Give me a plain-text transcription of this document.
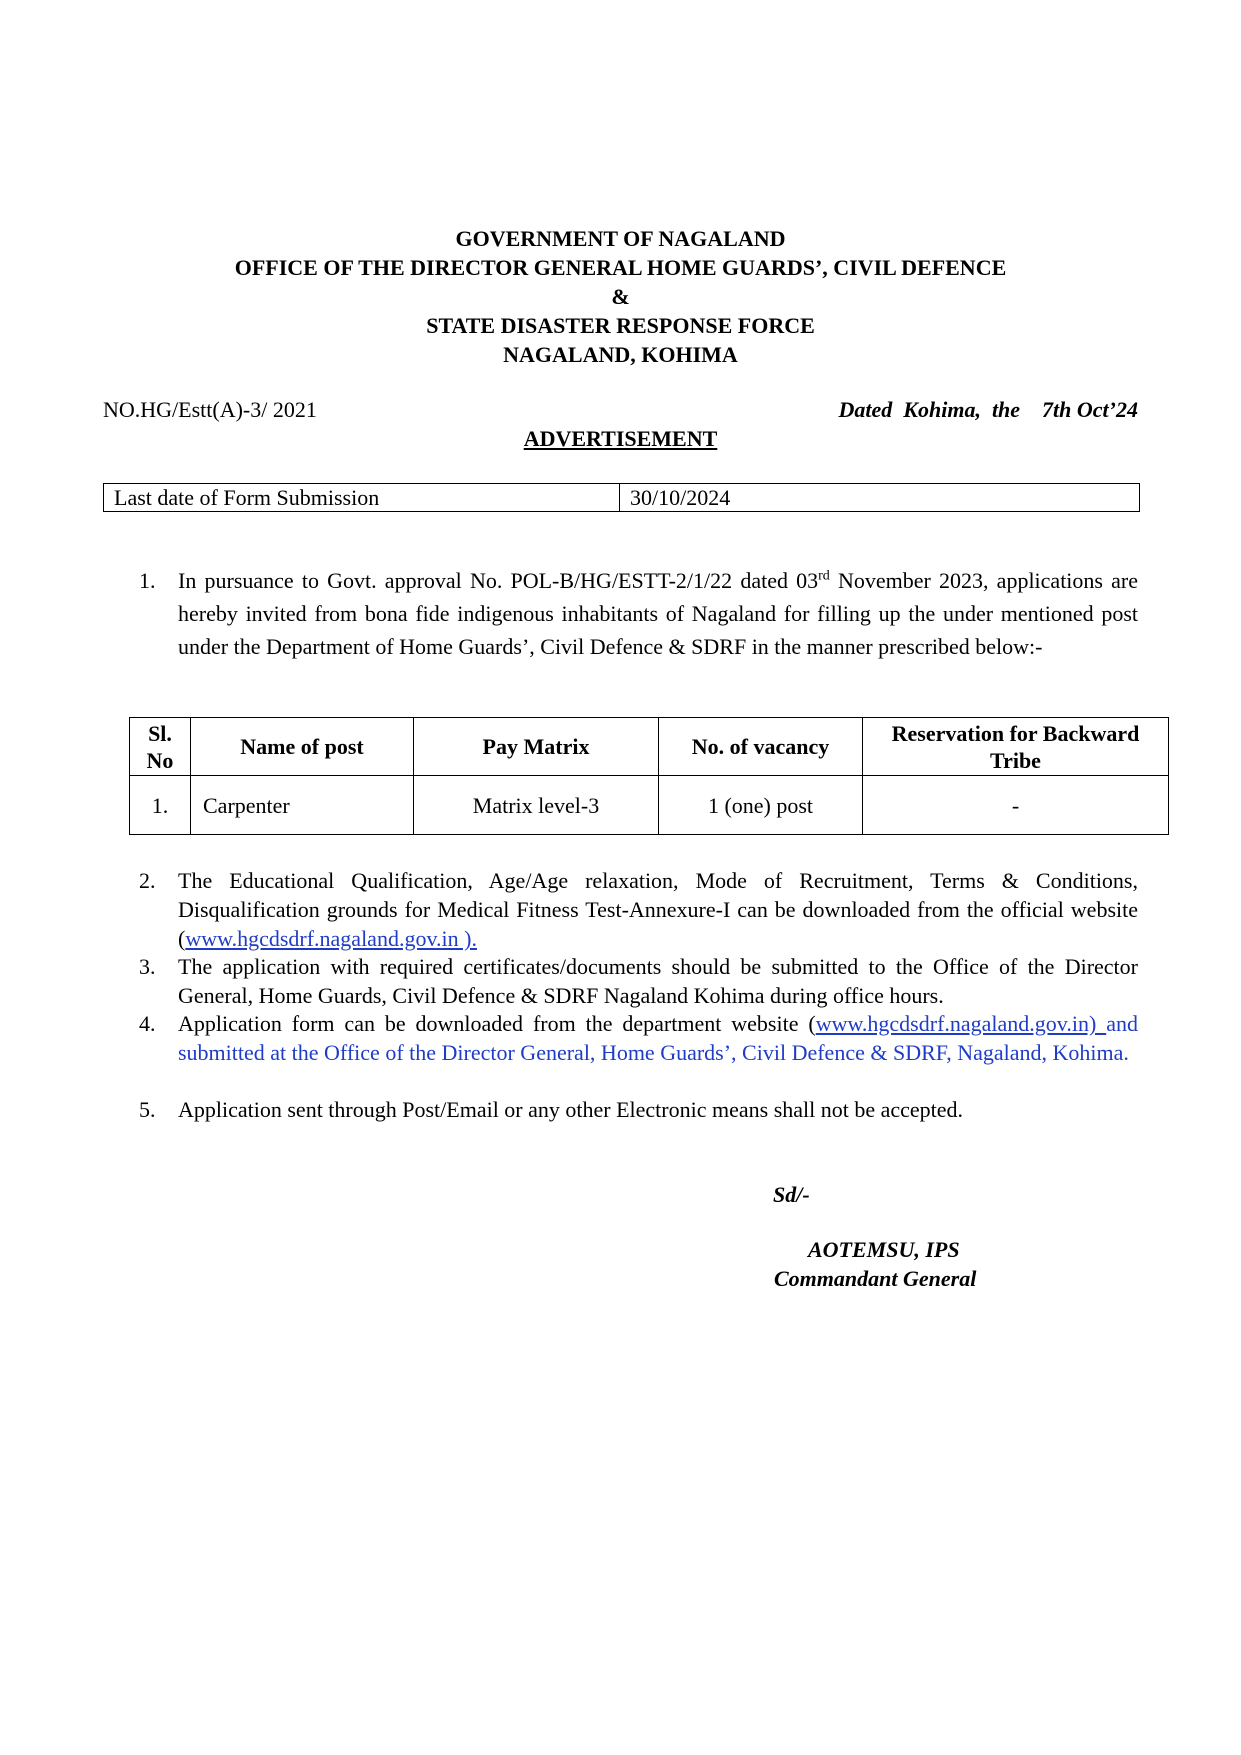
GOVERNMENT OF NAGALAND
OFFICE OF THE DIRECTOR GENERAL HOME GUARDS’, CIVIL DEFENCE
&
STATE DISASTER RESPONSE FORCE
NAGALAND, KOHIMA
NO.HG/Estt(A)-3/ 2021	Dated  Kohima,  the    7th Oct’24
ADVERTISEMENT
Last date of Form Submission	30/10/2024
1. In pursuance to Govt. approval No. POL-B/HG/ESTT-2/1/22 dated 03rd November 2023, applications are hereby invited from bona fide indigenous inhabitants of Nagaland for filling up the under mentioned post under the Department of Home Guards’, Civil Defence & SDRF in the manner prescribed below:-
Sl. No	Name of post	Pay Matrix	No. of vacancy	Reservation for Backward Tribe
1.	Carpenter	Matrix level-3	1 (one) post	-
2. The Educational Qualification, Age/Age relaxation, Mode of Recruitment, Terms & Conditions, Disqualification grounds for Medical Fitness Test-Annexure-I can be downloaded from the official website (www.hgcdsdrf.nagaland.gov.in ).
3. The application with required certificates/documents should be submitted to the Office of the Director General, Home Guards, Civil Defence & SDRF Nagaland Kohima during office hours.
4. Application form can be downloaded from the department website (www.hgcdsdrf.nagaland.gov.in) and submitted at the Office of the Director General, Home Guards’, Civil Defence & SDRF, Nagaland, Kohima.
5. Application sent through Post/Email or any other Electronic means shall not be accepted.
Sd/-
AOTEMSU, IPS
Commandant General
